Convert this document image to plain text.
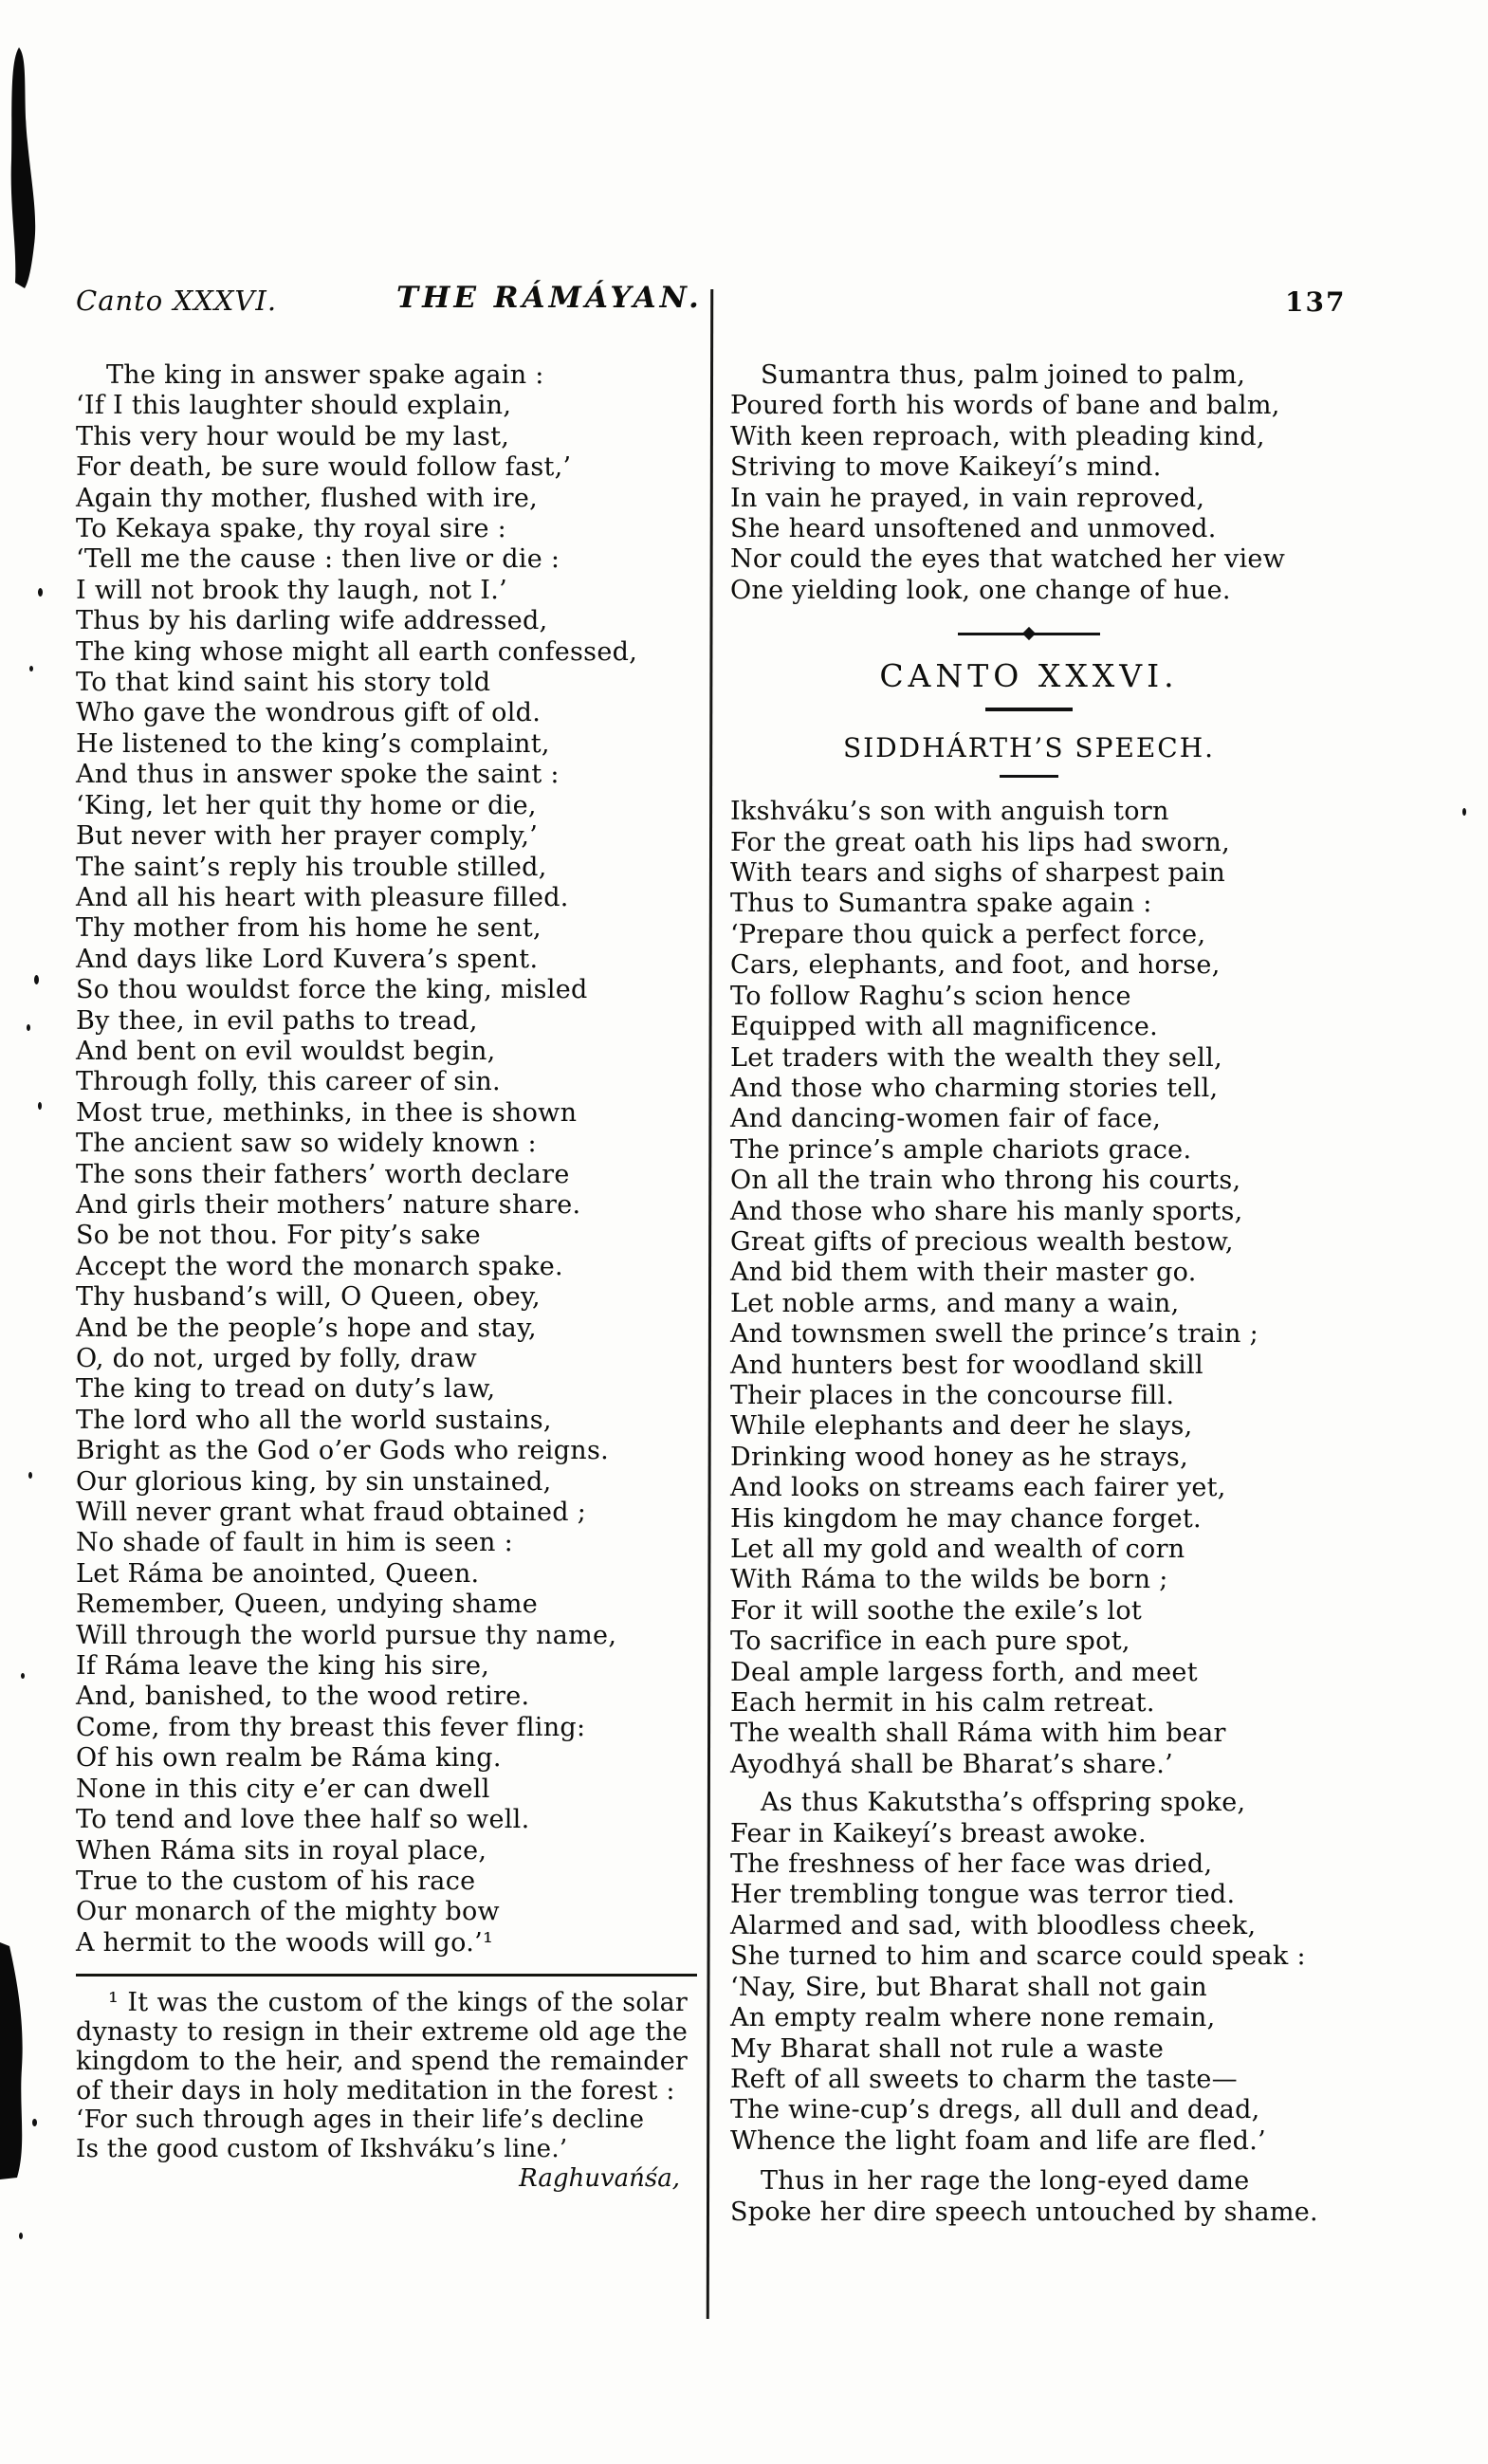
Canto XXXVI.	THE RÁMÁYAN.	137
The king in answer spake again :
‘If I this laughter should explain,
This very hour would be my last,
For death, be sure would follow fast,’
Again thy mother, flushed with ire,
To Kekaya spake, thy royal sire :
‘Tell me the cause : then live or die :
I will not brook thy laugh, not I.’
Thus by his darling wife addressed,
The king whose might all earth confessed,
To that kind saint his story told
Who gave the wondrous gift of old.
He listened to the king’s complaint,
And thus in answer spoke the saint :
‘King, let her quit thy home or die,
But never with her prayer comply,’
The saint’s reply his trouble stilled,
And all his heart with pleasure filled.
Thy mother from his home he sent,
And days like Lord Kuvera’s spent.
So thou wouldst force the king, misled
By thee, in evil paths to tread,
And bent on evil wouldst begin,
Through folly, this career of sin.
Most true, methinks, in thee is shown
The ancient saw so widely known :
The sons their fathers’ worth declare
And girls their mothers’ nature share.
So be not thou. For pity’s sake
Accept the word the monarch spake.
Thy husband’s will, O Queen, obey,
And be the people’s hope and stay,
O, do not, urged by folly, draw
The king to tread on duty’s law,
The lord who all the world sustains,
Bright as the God o’er Gods who reigns.
Our glorious king, by sin unstained,
Will never grant what fraud obtained ;
No shade of fault in him is seen :
Let Ráma be anointed, Queen.
Remember, Queen, undying shame
Will through the world pursue thy name,
If Ráma leave the king his sire,
And, banished, to the wood retire.
Come, from thy breast this fever fling:
Of his own realm be Ráma king.
None in this city e’er can dwell
To tend and love thee half so well.
When Ráma sits in royal place,
True to the custom of his race
Our monarch of the mighty bow
A hermit to the woods will go.’¹
¹ It was the custom of the kings of the solar dynasty to resign in their extreme old age the kingdom to the heir, and spend the remainder of their days in holy meditation in the forest :
‘For such through ages in their life’s decline
Is the good custom of Ikshváku’s line.’
Raghuvańśa,
Sumantra thus, palm joined to palm,
Poured forth his words of bane and balm,
With keen reproach, with pleading kind,
Striving to move Kaikeyí’s mind.
In vain he prayed, in vain reproved,
She heard unsoftened and unmoved.
Nor could the eyes that watched her view
One yielding look, one change of hue.
CANTO XXXVI.
SIDDHÁRTH’S SPEECH.
Ikshváku’s son with anguish torn
For the great oath his lips had sworn,
With tears and sighs of sharpest pain
Thus to Sumantra spake again :
‘Prepare thou quick a perfect force,
Cars, elephants, and foot, and horse,
To follow Raghu’s scion hence
Equipped with all magnificence.
Let traders with the wealth they sell,
And those who charming stories tell,
And dancing-women fair of face,
The prince’s ample chariots grace.
On all the train who throng his courts,
And those who share his manly sports,
Great gifts of precious wealth bestow,
And bid them with their master go.
Let noble arms, and many a wain,
And townsmen swell the prince’s train ;
And hunters best for woodland skill
Their places in the concourse fill.
While elephants and deer he slays,
Drinking wood honey as he strays,
And looks on streams each fairer yet,
His kingdom he may chance forget.
Let all my gold and wealth of corn
With Ráma to the wilds be born ;
For it will soothe the exile’s lot
To sacrifice in each pure spot,
Deal ample largess forth, and meet
Each hermit in his calm retreat.
The wealth shall Ráma with him bear
Ayodhyá shall be Bharat’s share.’
As thus Kakutstha’s offspring spoke,
Fear in Kaikeyí’s breast awoke.
The freshness of her face was dried,
Her trembling tongue was terror tied.
Alarmed and sad, with bloodless cheek,
She turned to him and scarce could speak :
‘Nay, Sire, but Bharat shall not gain
An empty realm where none remain,
My Bharat shall not rule a waste
Reft of all sweets to charm the taste—
The wine-cup’s dregs, all dull and dead,
Whence the light foam and life are fled.’
Thus in her rage the long-eyed dame
Spoke her dire speech untouched by shame.
